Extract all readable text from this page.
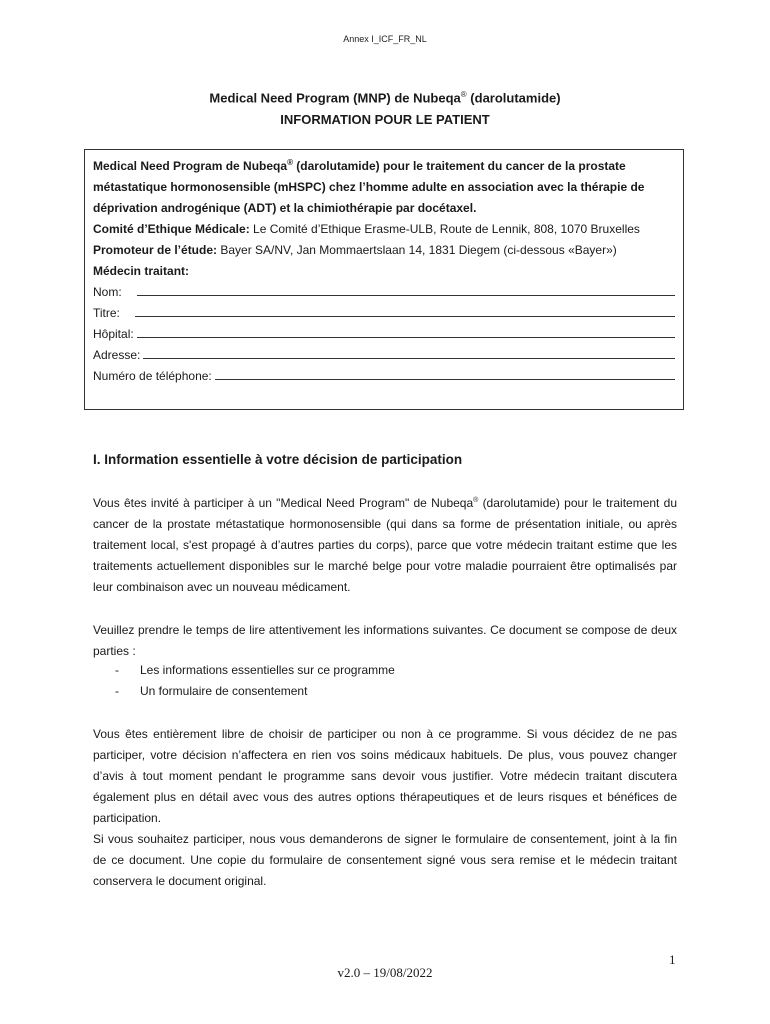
Annex I_ICF_FR_NL
Medical Need Program (MNP) de Nubeqa® (darolutamide)
INFORMATION POUR LE PATIENT
Medical Need Program de Nubeqa® (darolutamide) pour le traitement du cancer de la prostate métastatique hormonosensible (mHSPC) chez l’homme adulte en association avec la thérapie de déprivation androgénique (ADT) et la chimiothérapie par docétaxel.
Comité d’Ethique Médicale: Le Comité d’Ethique Erasme-ULB, Route de Lennik, 808, 1070 Bruxelles
Promoteur de l’étude: Bayer SA/NV, Jan Mommaertslaan 14, 1831 Diegem (ci-dessous «Bayer»)
Médecin traitant:
Nom:
Titre:
Hôpital:
Adresse:
Numéro de téléphone:
I. Information essentielle à votre décision de participation

Vous êtes invité à participer à un "Medical Need Program" de Nubeqa® (darolutamide) pour le traitement du cancer de la prostate métastatique hormonosensible (qui dans sa forme de présentation initiale, ou après traitement local, s'est propagé à d’autres parties du corps), parce que votre médecin traitant estime que les traitements actuellement disponibles sur le marché belge pour votre maladie pourraient être optimalisés par leur combinaison avec un nouveau médicament.

Veuillez prendre le temps de lire attentivement les informations suivantes. Ce document se compose de deux parties :

-	Les informations essentielles sur ce programme
-	Un formulaire de consentement

Vous êtes entièrement libre de choisir de participer ou non à ce programme. Si vous décidez de ne pas participer, votre décision n’affectera en rien vos soins médicaux habituels. De plus, vous pouvez changer d’avis à tout moment pendant le programme sans devoir vous justifier. Votre médecin traitant discutera également plus en détail avec vous des autres options thérapeutiques et de leurs risques et bénéfices de participation.

Si vous souhaitez participer, nous vous demanderons de signer le formulaire de consentement, joint à la fin de ce document. Une copie du formulaire de consentement signé vous sera remise et le médecin traitant conservera le document original.

1
v2.0 – 19/08/2022
